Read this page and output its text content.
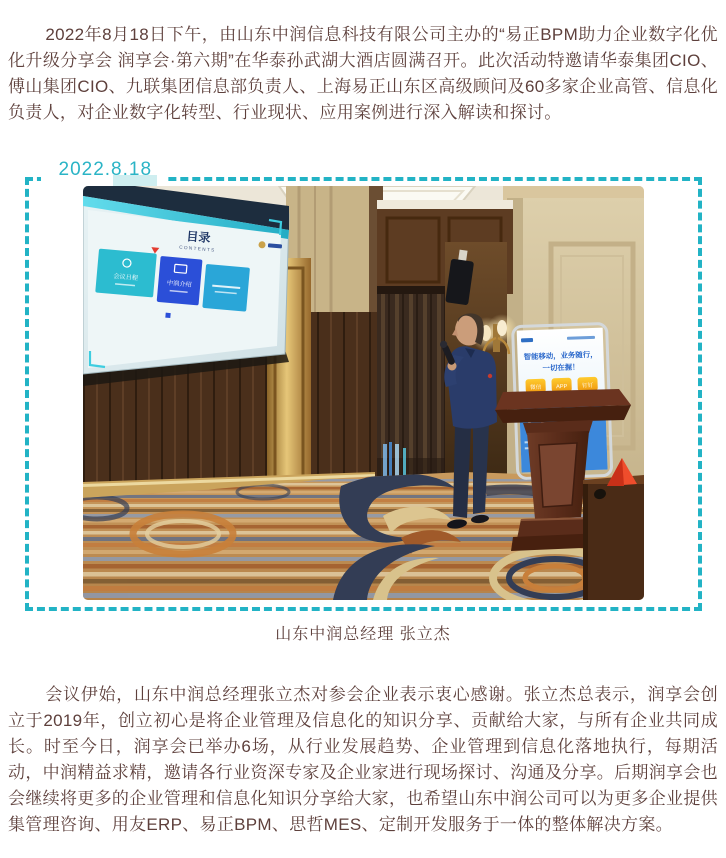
2022年8月18日下午，由山东中润信息科技有限公司主办的“易正BPM助力企业数字化优化升级分享会 润享会·第六期”在华泰孙武湖大酒店圆满召开。此次活动特邀请华泰集团CIO、傅山集团CIO、九联集团信息部负责人、上海易正山东区高级顾问及60多家企业高管、信息化负责人，对企业数字化转型、行业现状、应用案例进行深入解读和探讨。

2022.8.18
目录
CONTENTS
会议日程
中润介绍
智能移动，业务随行，
一切在握！
微信	APP	钉钉

山东中润总经理 张立杰

会议伊始，山东中润总经理张立杰对参会企业表示衷心感谢。张立杰总表示，润享会创立于2019年，创立初心是将企业管理及信息化的知识分享、贡献给大家，与所有企业共同成长。时至今日，润享会已举办6场，从行业发展趋势、企业管理到信息化落地执行，每期活动，中润精益求精，邀请各行业资深专家及企业家进行现场探讨、沟通及分享。后期润享会也会继续将更多的企业管理和信息化知识分享给大家，也希望山东中润公司可以为更多企业提供集管理咨询、用友ERP、易正BPM、思哲MES、定制开发服务于一体的整体解决方案。
